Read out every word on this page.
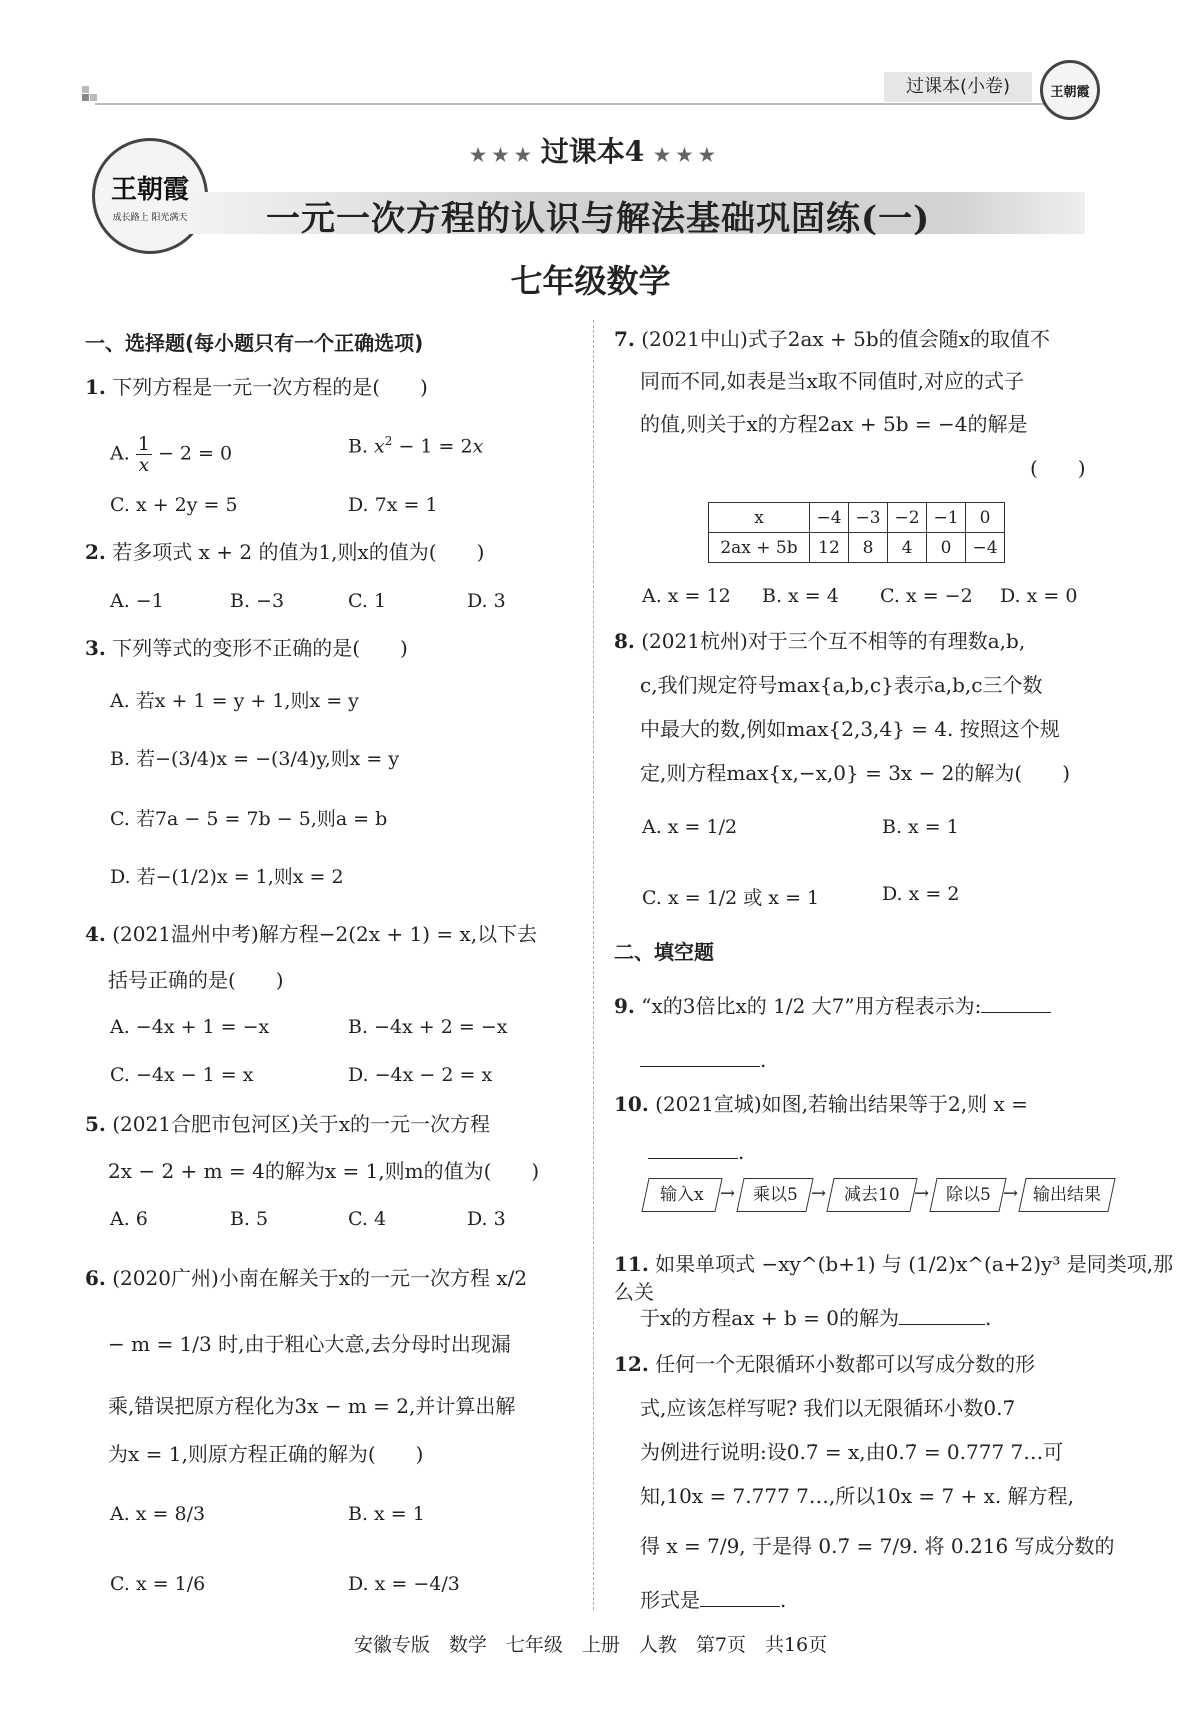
过课本(小卷)	王朝霞
王朝霞
成长路上 阳光满天
★ ★ ★ 过课本4 ★ ★ ★
一元一次方程的认识与解法基础巩固练(一)
七年级数学
一、选择题(每小题只有一个正确选项)
1. 下列方程是一元一次方程的是(　　)
A. $\frac{1}{x} - 2 = 0$	B. $x^2 - 1 = 2x$
C. x + 2y = 5	D. 7x = 1
2. 若多项式 x + 2 的值为1,则x的值为(　　)
A. −1	B. −3	C. 1	D. 3
3. 下列等式的变形不正确的是(　　)
A. 若x + 1 = y + 1,则x = y
B. 若−(3/4)x = −(3/4)y,则x = y
C. 若7a − 5 = 7b − 5,则a = b
D. 若−(1/2)x = 1,则x = 2
4. (2021温州中考)解方程−2(2x + 1) = x,以下去
括号正确的是(　　)
A. −4x + 1 = −x	B. −4x + 2 = −x
C. −4x − 1 = x	D. −4x − 2 = x
5. (2021合肥市包河区)关于x的一元一次方程
2x − 2 + m = 4的解为x = 1,则m的值为(　　)
A. 6	B. 5	C. 4	D. 3
6. (2020广州)小南在解关于x的一元一次方程 x/2
− m = 1/3 时,由于粗心大意,去分母时出现漏
乘,错误把原方程化为3x − m = 2,并计算出解
为x = 1,则原方程正确的解为(　　)
A. x = 8/3	B. x = 1
C. x = 1/6	D. x = −4/3
7. (2021中山)式子2ax + 5b的值会随x的取值不
同而不同,如表是当x取不同值时,对应的式子
的值,则关于x的方程2ax + 5b = −4的解是
(　　)
x	−4	−3	−2	−1	0
2ax + 5b	12	8	4	0	−4
A. x = 12 B. x = 4 C. x = −2 D. x = 0
8. (2021杭州)对于三个互不相等的有理数a,b,
c,我们规定符号max{a,b,c}表示a,b,c三个数
中最大的数,例如max{2,3,4} = 4. 按照这个规
定,则方程max{x,−x,0} = 3x − 2的解为(　　)
A. x = 1/2	B. x = 1
C. x = 1/2 或 x = 1	D. x = 2
二、填空题
9. “x的3倍比x的 1/2 大7”用方程表示为:
.
10. (2021宣城)如图,若输出结果等于2,则 x =
.
输入x →	乘以5 →	减去10 → 除以5 → 输出结果
11. 如果单项式 −xy^(b+1) 与 (1/2)x^(a+2)y³ 是同类项,那么关
于x的方程ax + b = 0的解为	.
12. 任何一个无限循环小数都可以写成分数的形
式,应该怎样写呢? 我们以无限循环小数0.7̇
为例进行说明:设0.7̇ = x,由0.7̇ = 0.777 7…可
知,10x = 7.777 7…,所以10x = 7 + x. 解方程,
得 x = 7/9, 于是得 0.7̇ = 7/9. 将 0.2̇16̇ 写成分数的
形式是	.
安徽专版　数学　七年级　上册　人教　第7页　共16页
